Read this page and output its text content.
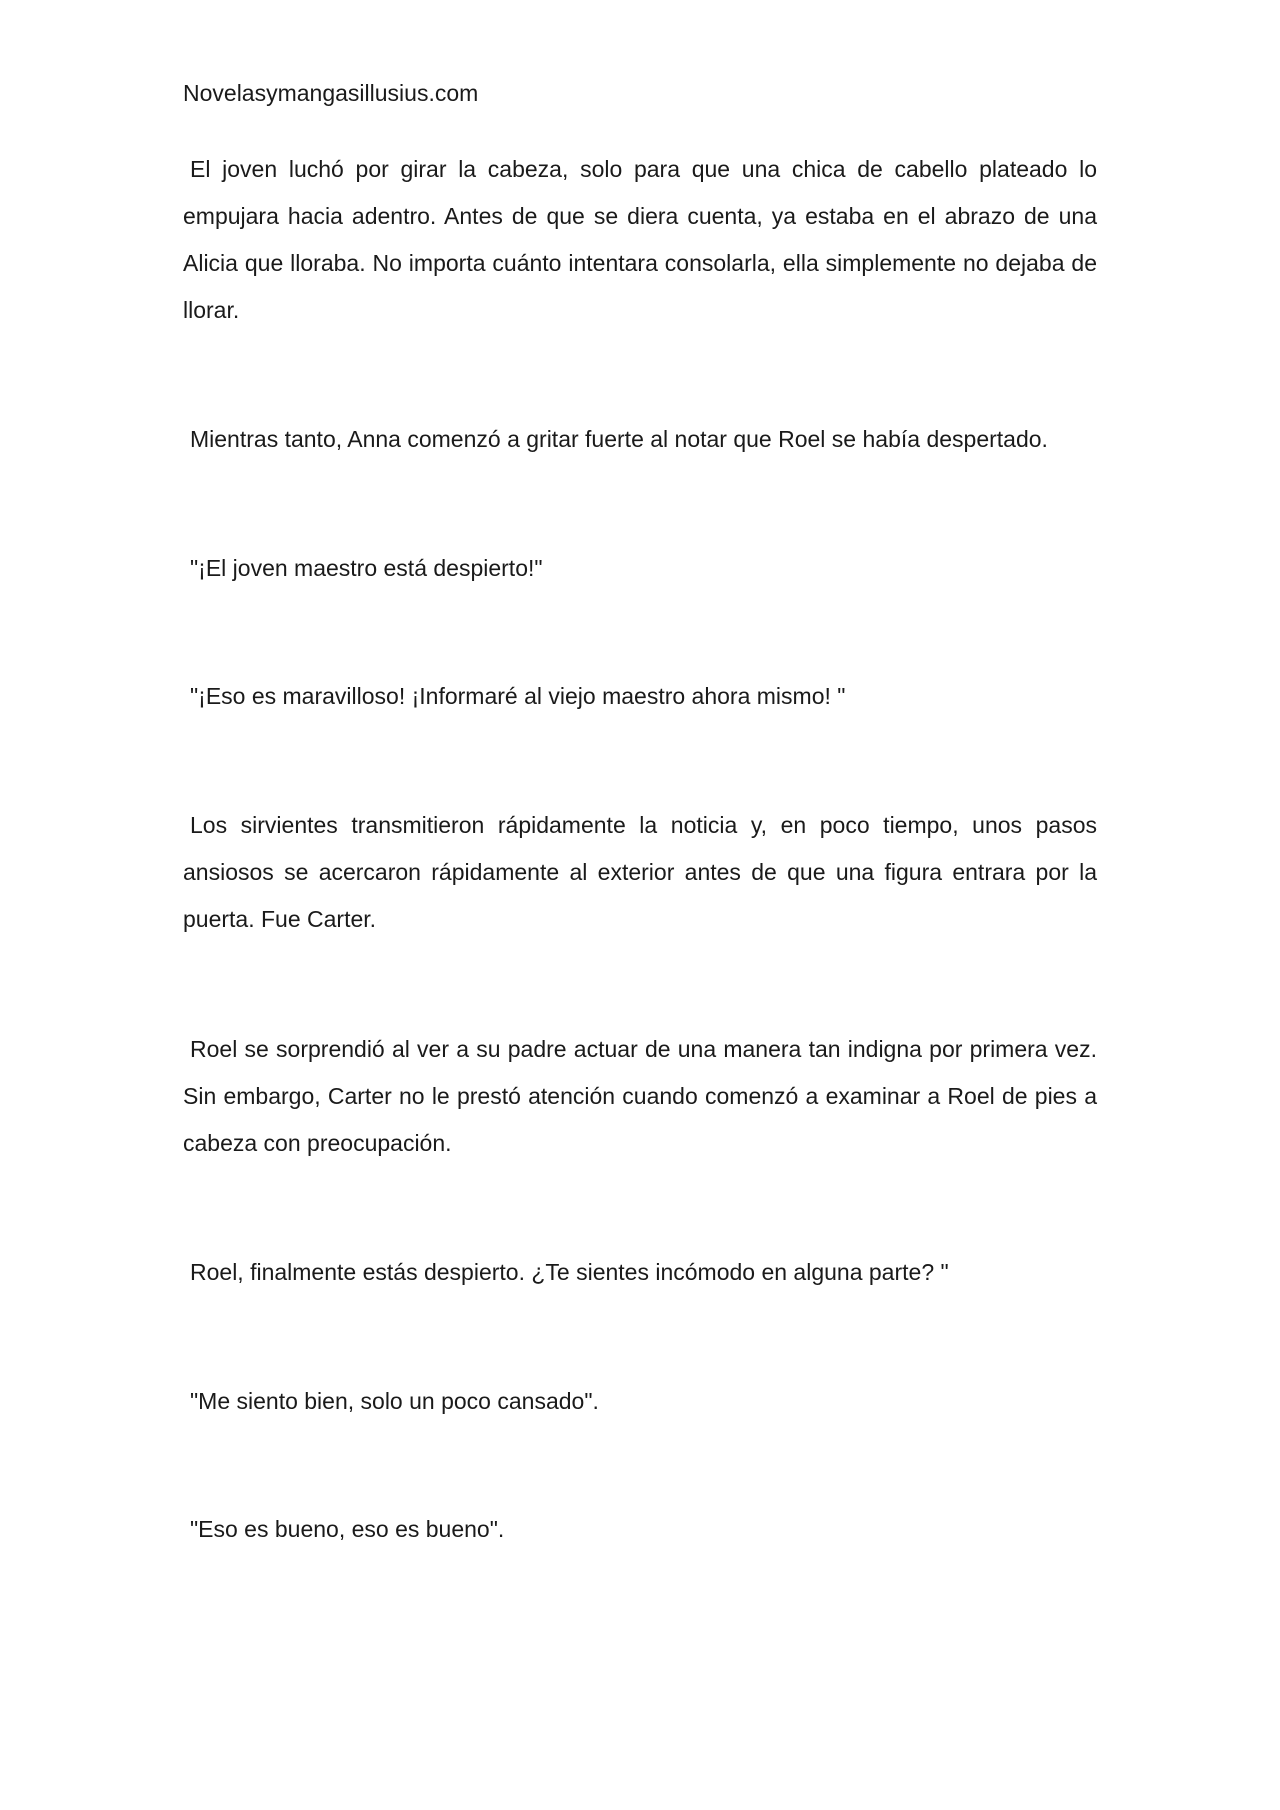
Novelasymangasillusius.com

El joven luchó por girar la cabeza, solo para que una chica de cabello plateado lo empujara hacia adentro. Antes de que se diera cuenta, ya estaba en el abrazo de una Alicia que lloraba. No importa cuánto intentara consolarla, ella simplemente no dejaba de llorar.

Mientras tanto, Anna comenzó a gritar fuerte al notar que Roel se había despertado.

"¡El joven maestro está despierto!"

"¡Eso es maravilloso! ¡Informaré al viejo maestro ahora mismo! "

Los sirvientes transmitieron rápidamente la noticia y, en poco tiempo, unos pasos ansiosos se acercaron rápidamente al exterior antes de que una figura entrara por la puerta. Fue Carter.

Roel se sorprendió al ver a su padre actuar de una manera tan indigna por primera vez. Sin embargo, Carter no le prestó atención cuando comenzó a examinar a Roel de pies a cabeza con preocupación.

Roel, finalmente estás despierto. ¿Te sientes incómodo en alguna parte? "

"Me siento bien, solo un poco cansado".

"Eso es bueno, eso es bueno".
